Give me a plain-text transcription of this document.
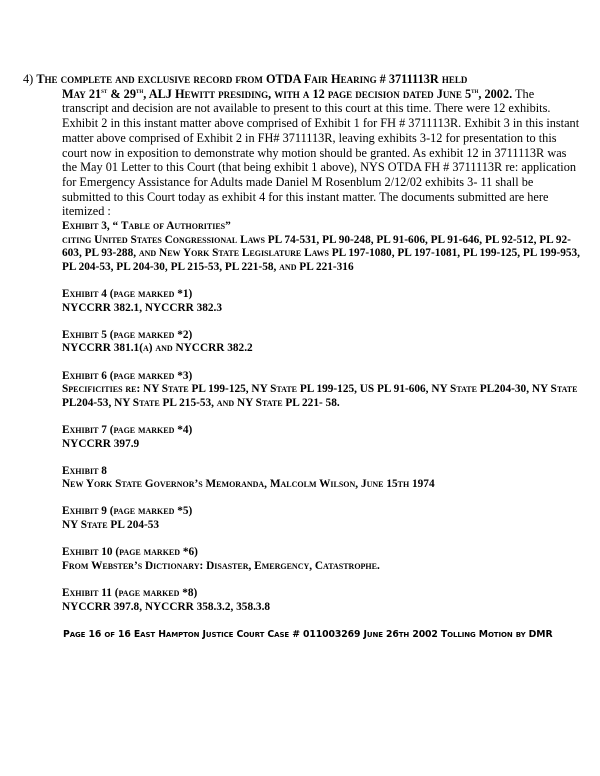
4) The complete and exclusive record from OTDA Fair Hearing # 3711113R held
May 21st & 29th, ALJ Hewitt presiding, with a 12 page decision dated June 5th, 2002. The transcript and decision are not available to present to this court at this time. There were 12 exhibits. Exhibit 2 in this instant matter above comprised of Exhibit 1 for FH # 3711113R. Exhibit 3 in this instant matter above comprised of Exhibit 2 in FH# 3711113R, leaving exhibits 3-12 for presentation to this court now in exposition to demonstrate why motion should be granted. As exhibit 12 in 3711113R was the May 01 Letter to this Court (that being exhibit 1 above), NYS OTDA FH # 3711113R re: application for Emergency Assistance for Adults made Daniel M Rosenblum 2/12/02 exhibits 3- 11 shall be submitted to this Court today as exhibit 4 for this instant matter. The documents submitted are here itemized :
Exhibit 3, “ Table of Authorities”
citing United States Congressional Laws PL 74-531, PL 90-248, PL 91-606, PL 91-646, PL 92-512, PL 92-603, PL 93-288, and New York State Legislature Laws PL 197-1080, PL 197-1081, PL 199-125, PL 199-953, PL 204-53, PL 204-30, PL 215-53, PL 221-58, and PL 221-316
Exhibit 4 (page marked *1)
NYCCRR 382.1, NYCCRR 382.3
Exhibit 5 (page marked *2)
NYCCRR 381.1(a) and NYCCRR 382.2
Exhibit 6 (page marked *3)
Specificities re: NY State PL 199-125, NY State PL 199-125, US PL 91-606, NY State PL204-30, NY State PL204-53, NY State PL 215-53, and NY State PL 221- 58.
Exhibit 7 (page marked *4)
NYCCRR 397.9
Exhibit 8
New York State Governor’s Memoranda, Malcolm Wilson, June 15th 1974
Exhibit 9 (page marked *5)
NY State PL 204-53
Exhibit 10 (page marked *6)
From Webster’s Dictionary: Disaster, Emergency, Catastrophe.
Exhibit 11 (page marked *8)
NYCCRR 397.8, NYCCRR 358.3.2, 358.3.8
Page 16 of 16 East Hampton Justice Court Case # 011003269 June 26th 2002 Tolling Motion by DMR
